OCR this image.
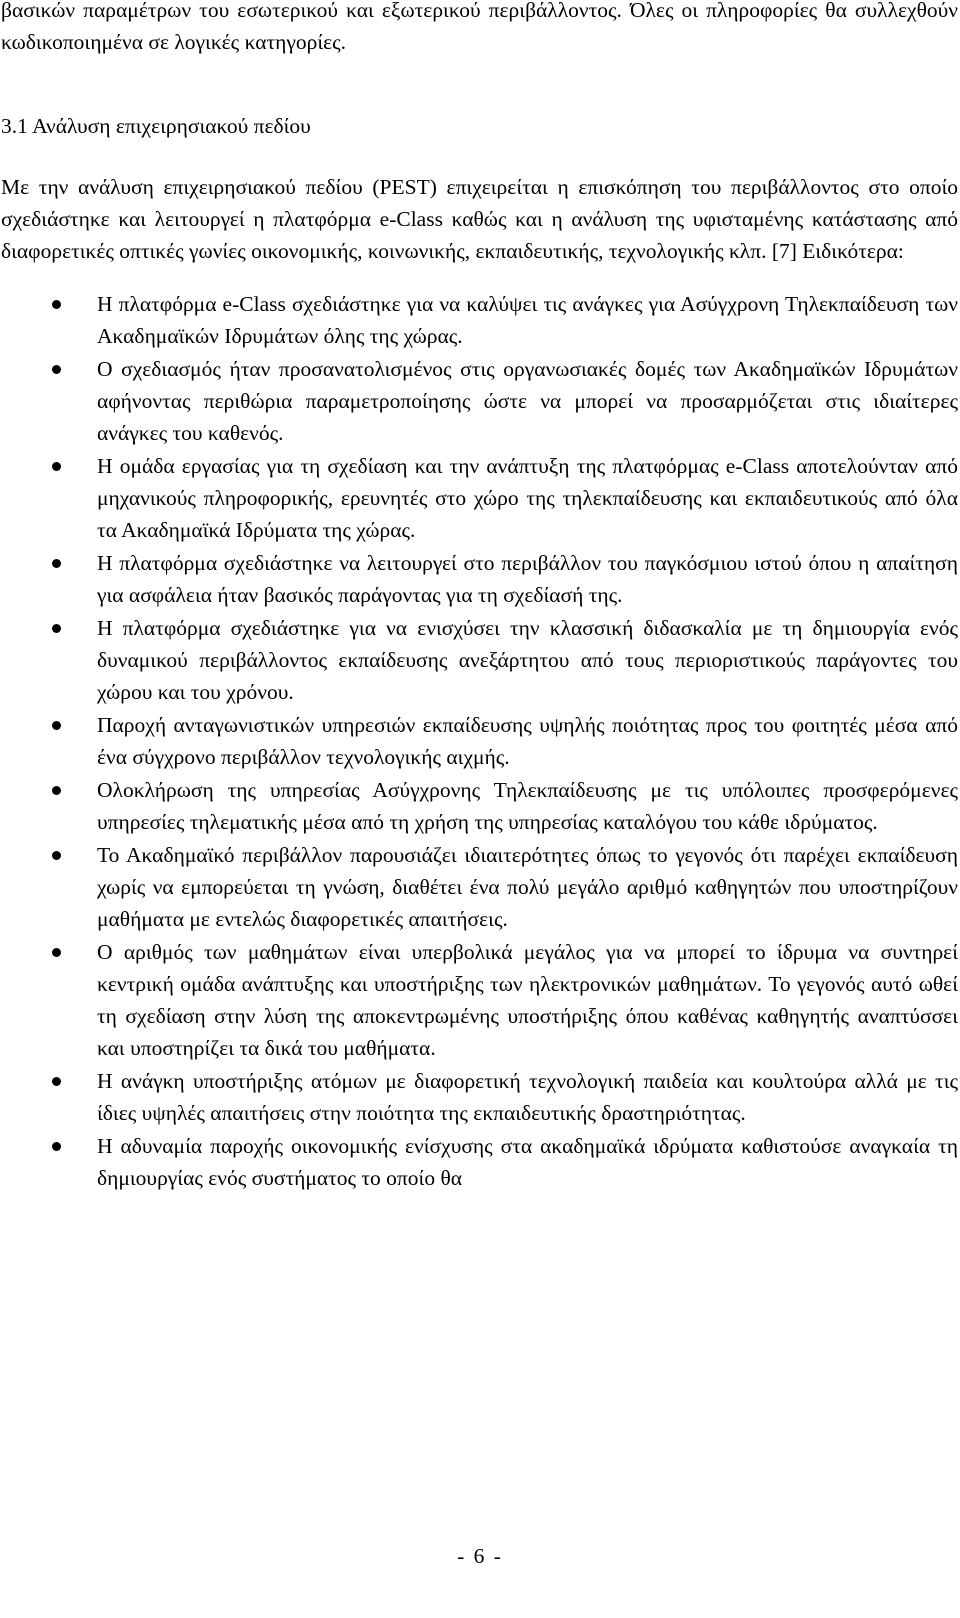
βασικών παραμέτρων του εσωτερικού και εξωτερικού περιβάλλοντος. Όλες οι πληροφορίες θα συλλεχθούν κωδικοποιημένα σε λογικές κατηγορίες.

3.1 Ανάλυση επιχειρησιακού πεδίου

Με την ανάλυση επιχειρησιακού πεδίου (PEST) επιχειρείται η επισκόπηση του περιβάλλοντος στο οποίο σχεδιάστηκε και λειτουργεί η πλατφόρμα e-Class καθώς και η ανάλυση της υφισταμένης κατάστασης από διαφορετικές οπτικές γωνίες οικονομικής, κοινωνικής, εκπαιδευτικής, τεχνολογικής κλπ. [7] Ειδικότερα:

Η πλατφόρμα e-Class σχεδιάστηκε για να καλύψει τις ανάγκες για Ασύγχρονη Τηλεκπαίδευση των Ακαδημαϊκών Ιδρυμάτων όλης της χώρας.
Ο σχεδιασμός ήταν προσανατολισμένος στις οργανωσιακές δομές των Ακαδημαϊκών Ιδρυμάτων αφήνοντας περιθώρια παραμετροποίησης ώστε να μπορεί να προσαρμόζεται στις ιδιαίτερες ανάγκες του καθενός.
Η ομάδα εργασίας για τη σχεδίαση και την ανάπτυξη της πλατφόρμας e-Class αποτελούνταν από μηχανικούς πληροφορικής, ερευνητές στο χώρο της τηλεκπαίδευσης και εκπαιδευτικούς από όλα τα Ακαδημαϊκά Ιδρύματα της χώρας.
Η πλατφόρμα σχεδιάστηκε να λειτουργεί στο περιβάλλον του παγκόσμιου ιστού όπου η απαίτηση για ασφάλεια ήταν βασικός παράγοντας για τη σχεδίασή της.
Η πλατφόρμα σχεδιάστηκε για να ενισχύσει την κλασσική διδασκαλία με τη δημιουργία ενός δυναμικού περιβάλλοντος εκπαίδευσης ανεξάρτητου από τους περιοριστικούς παράγοντες του χώρου και του χρόνου.
Παροχή ανταγωνιστικών υπηρεσιών εκπαίδευσης υψηλής ποιότητας προς του φοιτητές μέσα από ένα σύγχρονο περιβάλλον τεχνολογικής αιχμής.
Ολοκλήρωση της υπηρεσίας Ασύγχρονης Τηλεκπαίδευσης με τις υπόλοιπες προσφερόμενες υπηρεσίες τηλεματικής μέσα από τη χρήση της υπηρεσίας καταλόγου του κάθε ιδρύματος.
Το Ακαδημαϊκό περιβάλλον παρουσιάζει ιδιαιτερότητες όπως το γεγονός ότι παρέχει εκπαίδευση χωρίς να εμπορεύεται τη γνώση, διαθέτει ένα πολύ μεγάλο αριθμό καθηγητών που υποστηρίζουν μαθήματα με εντελώς διαφορετικές απαιτήσεις.
Ο αριθμός των μαθημάτων είναι υπερβολικά μεγάλος για να μπορεί το ίδρυμα να συντηρεί κεντρική ομάδα ανάπτυξης και υποστήριξης των ηλεκτρονικών μαθημάτων. Το γεγονός αυτό ωθεί τη σχεδίαση στην λύση της αποκεντρωμένης υποστήριξης όπου καθένας καθηγητής αναπτύσσει και υποστηρίζει τα δικά του μαθήματα.
Η ανάγκη υποστήριξης ατόμων με διαφορετική τεχνολογική παιδεία και κουλτούρα αλλά με τις ίδιες υψηλές απαιτήσεις στην ποιότητα της εκπαιδευτικής δραστηριότητας.
Η αδυναμία παροχής οικονομικής ενίσχυσης στα ακαδημαϊκά ιδρύματα καθιστούσε αναγκαία τη δημιουργίας ενός συστήματος το οποίο θα
- 6 -
